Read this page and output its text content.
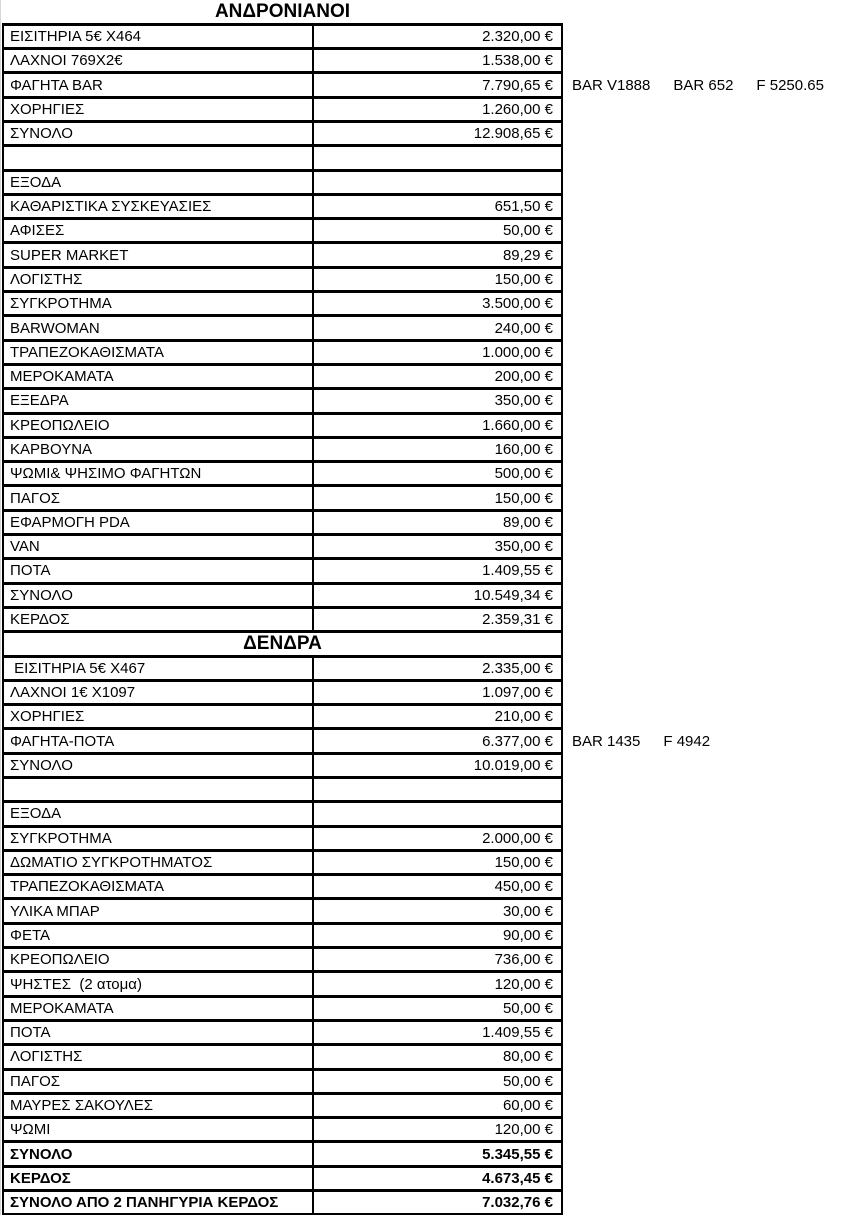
ΑΝΔΡΟΝΙΑΝΟΙ		
ΕΙΣΙΤΗΡΙΑ 5€ Χ464	2.320,00 €	
ΛΑΧΝΟΙ 769Χ2€	1.538,00 €	
ΦΑΓΗΤΑ BAR	7.790,65 €	BAR V1888 BAR 652 F 5250.65
ΧΟΡΗΓΙΕΣ	1.260,00 €	
ΣΥΝΟΛΟ	12.908,65 €	

ΕΞΟΔΑ		
ΚΑΘΑΡΙΣΤΙΚΑ ΣΥΣΚΕΥΑΣΙΕΣ	651,50 €	
ΑΦΙΣΕΣ	50,00 €	
SUPER MARKET	89,29 €	
ΛΟΓΙΣΤΗΣ	150,00 €	
ΣΥΓΚΡΟΤΗΜΑ	3.500,00 €	
BARWOMAN	240,00 €	
ΤΡΑΠΕΖΟΚΑΘΙΣΜΑΤΑ	1.000,00 €	
ΜΕΡΟΚΑΜΑΤΑ	200,00 €	
ΕΞΕΔΡΑ	350,00 €	
ΚΡΕΟΠΩΛΕΙΟ	1.660,00 €	
ΚΑΡΒΟΥΝΑ	160,00 €	
ΨΩΜΙ& ΨΗΣΙΜΟ ΦΑΓΗΤΩΝ	500,00 €	
ΠΑΓΟΣ	150,00 €	
ΕΦΑΡΜΟΓΗ PDA	89,00 €	
VAN	350,00 €	
ΠΟΤΑ	1.409,55 €	
ΣΥΝΟΛΟ	10.549,34 €	
ΚΕΡΔΟΣ	2.359,31 €	
ΔΕΝΔΡΑ		
ΕΙΣΙΤΗΡΙΑ 5€ Χ467	2.335,00 €	
ΛΑΧΝΟΙ 1€ Χ1097	1.097,00 €	
ΧΟΡΗΓΙΕΣ	210,00 €	
ΦΑΓΗΤΑ-ΠΟΤΑ	6.377,00 €	BAR 1435 F 4942
ΣΥΝΟΛΟ	10.019,00 €	

ΕΞΟΔΑ		
ΣΥΓΚΡΟΤΗΜΑ	2.000,00 €	
ΔΩΜΑΤΙΟ ΣΥΓΚΡΟΤΗΜΑΤΟΣ	150,00 €	
ΤΡΑΠΕΖΟΚΑΘΙΣΜΑΤΑ	450,00 €	
ΥΛΙΚΑ ΜΠΑΡ	30,00 €	
ΦΕΤΑ	90,00 €	
ΚΡΕΟΠΩΛΕΙΟ	736,00 €	
ΨΗΣΤΕΣ  (2 ατομα)	120,00 €	
ΜΕΡΟΚΑΜΑΤΑ	50,00 €	
ΠΟΤΑ	1.409,55 €	
ΛΟΓΙΣΤΗΣ	80,00 €	
ΠΑΓΟΣ	50,00 €	
ΜΑΥΡΕΣ ΣΑΚΟΥΛΕΣ	60,00 €	
ΨΩΜΙ	120,00 €	
ΣΥΝΟΛΟ	5.345,55 €	
ΚΕΡΔΟΣ	4.673,45 €	
ΣΥΝΟΛΟ ΑΠΟ 2 ΠΑΝΗΓΥΡΙΑ ΚΕΡΔΟΣ	7.032,76 €	
